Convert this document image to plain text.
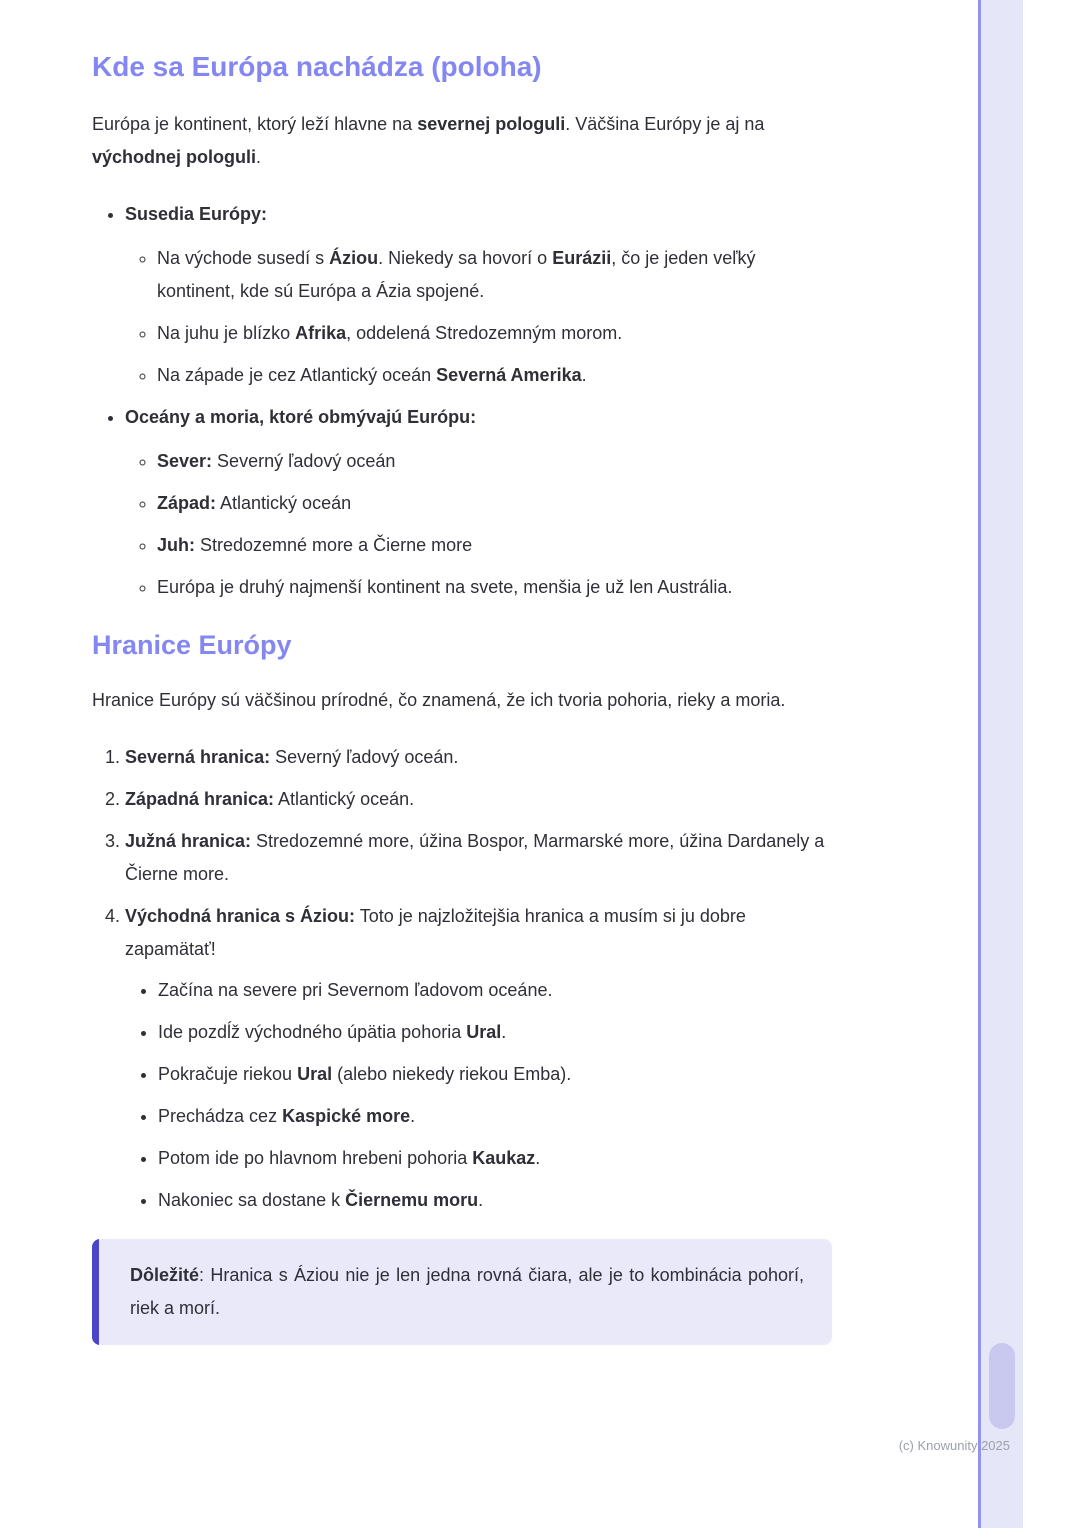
Kde sa Európa nachádza (poloha)

Európa je kontinent, ktorý leží hlavne na severnej pologuli. Väčšina Európy je aj na východnej pologuli.

• Susedia Európy:

◦ Na východe susedí s Áziou. Niekedy sa hovorí o Eurázii, čo je jeden veľký kontinent, kde sú Európa a Ázia spojené.

◦ Na juhu je blízko Afrika, oddelená Stredozemným morom.

◦ Na západe je cez Atlantický oceán Severná Amerika.

• Oceány a moria, ktoré obmývajú Európu:

◦ Sever: Severný ľadový oceán

◦ Západ: Atlantický oceán

◦ Juh: Stredozemné more a Čierne more

◦ Európa je druhý najmenší kontinent na svete, menšia je už len Austrália.

Hranice Európy

Hranice Európy sú väčšinou prírodné, čo znamená, že ich tvoria pohoria, rieky a moria.

1. Severná hranica: Severný ľadový oceán.

2. Západná hranica: Atlantický oceán.

3. Južná hranica: Stredozemné more, úžina Bospor, Marmarské more, úžina Dardanely a Čierne more.

4. Východná hranica s Áziou: Toto je najzložitejšia hranica a musím si ju dobre zapamätať!

• Začína na severe pri Severnom ľadovom oceáne.

• Ide pozdĺž východného úpätia pohoria Ural.

• Pokračuje riekou Ural (alebo niekedy riekou Emba).

• Prechádza cez Kaspické more.

• Potom ide po hlavnom hrebeni pohoria Kaukaz.

• Nakoniec sa dostane k Čiernemu moru.

Dôležité: Hranica s Áziou nie je len jedna rovná čiara, ale je to kombinácia pohorí, riek a morí.

(c) Knowunity 2025
